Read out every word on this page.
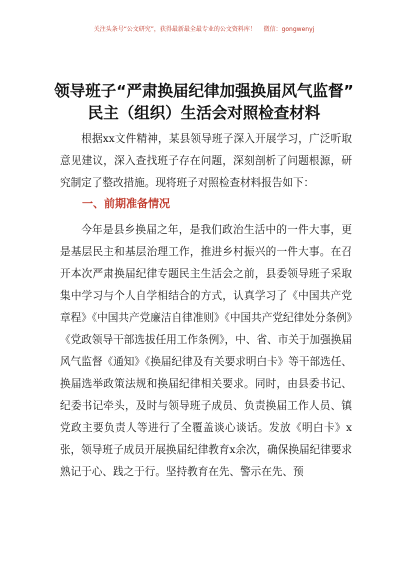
关注头条号“公文研究”，获得最新最全最专业的公文资料库！ 微信：gongwenyj
领导班子“严肃换届纪律加强换届风气监督”
民主（组织）生活会对照检查材料
根据xx文件精神，某县领导班子深入开展学习，广泛听取意见建议，深入查找班子存在问题，深刻剖析了问题根源，研究制定了整改措施。现将班子对照检查材料报告如下：
一、前期准备情况
今年是县乡换届之年，是我们政治生活中的一件大事，更是基层民主和基层治理工作，推进乡村振兴的一件大事。在召开本次严肃换届纪律专题民主生活会之前，县委领导班子采取集中学习与个人自学相结合的方式，认真学习了《中国共产党章程》《中国共产党廉洁自律准则》《中国共产党纪律处分条例》《党政领导干部选拔任用工作条例》，中、省、市关于加强换届风气监督《通知》《换届纪律及有关要求明白卡》等干部选任、换届选举政策法规和换届纪律相关要求。同时，由县委书记、纪委书记牵头，及时与领导班子成员、负责换届工作人员、镇党政主要负责人等进行了全覆盖谈心谈话。发放《明白卡》x张，领导班子成员开展换届纪律教育x余次，确保换届纪律要求熟记于心、践之于行。坚持教育在先、警示在先、预
